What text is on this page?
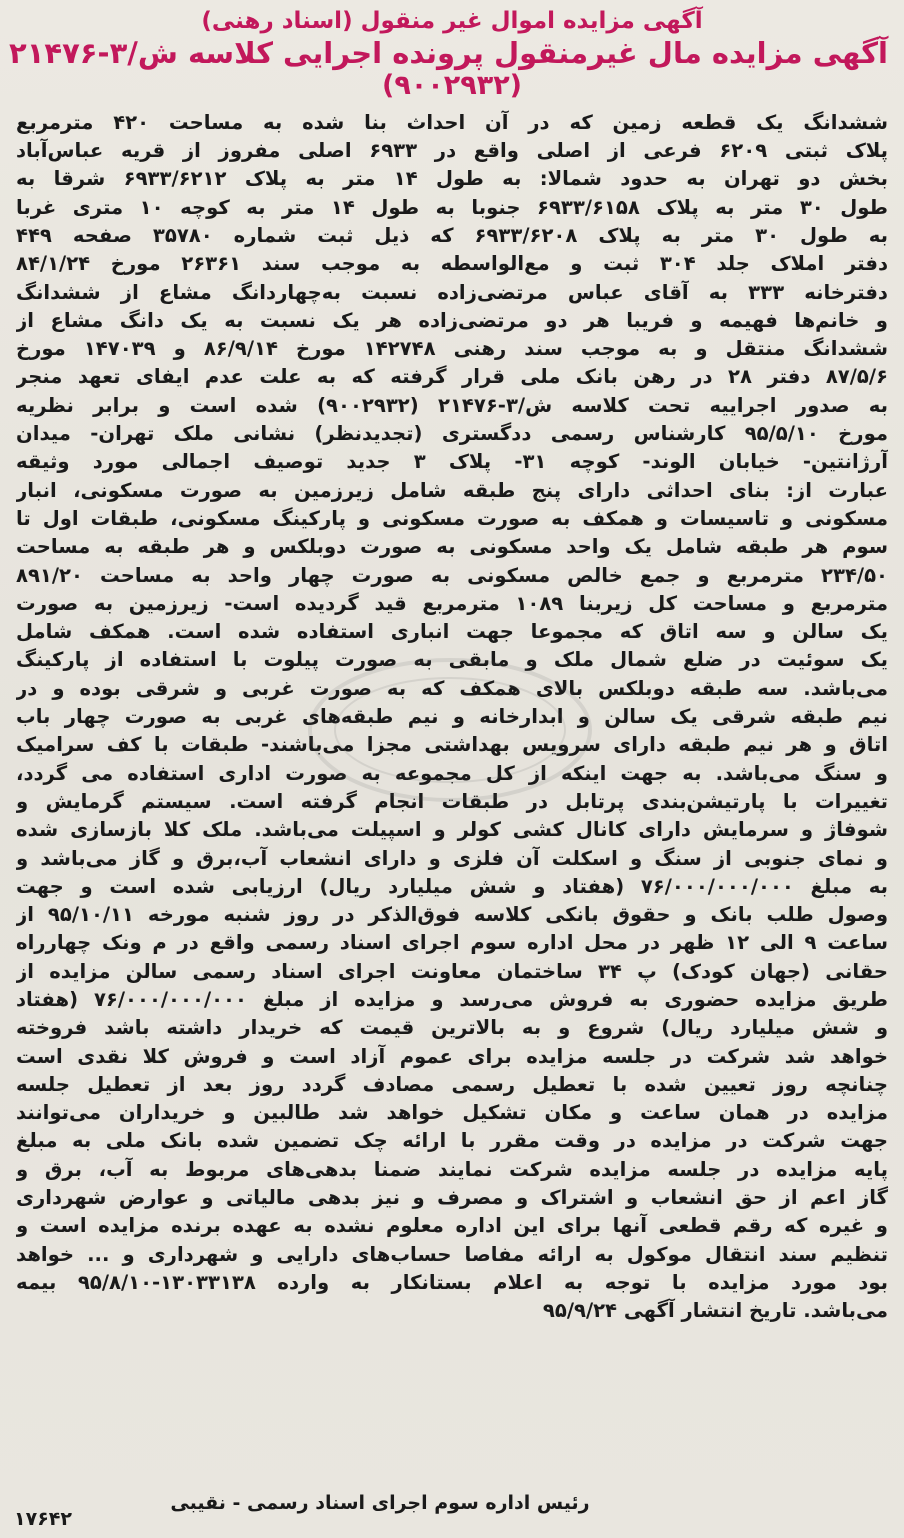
آگهی مزایده اموال غیر منقول (اسناد رهنی)

آگهی مزایده مال غیرمنقول پرونده اجرایی کلاسه ش/۳-۲۱۴۷۶

(۹۰۰۲۹۳۲)

ششدانگ یک قطعه زمین که در آن احداث بنا شده به مساحت ۴۲۰ مترمربع

پلاک ثبتی ۶۲۰۹ فرعی از اصلی واقع در ۶۹۳۳ اصلی مفروز از قریه عباس‌آباد

بخش دو تهران به حدود شمالا: به طول ۱۴ متر به پلاک ۶۹۳۳/۶۲۱۲ شرقا به

طول ۳۰ متر به پلاک ۶۹۳۳/۶۱۵۸ جنوبا به طول ۱۴ متر به کوچه ۱۰ متری غربا

به طول ۳۰ متر به پلاک ۶۹۳۳/۶۲۰۸ که ذیل ثبت شماره ۳۵۷۸۰ صفحه ۴۴۹

دفتر املاک جلد ۳۰۴ ثبت و مع‌الواسطه به موجب سند ۲۶۳۶۱ مورخ ۸۴/۱/۲۴

دفترخانه ۳۳۳ به آقای عباس مرتضی‌زاده نسبت به‌چهاردانگ مشاع از ششدانگ

و خانم‌ها فهیمه و فریبا هر دو مرتضی‌زاده هر یک نسبت به یک دانگ مشاع از

ششدانگ منتقل و به موجب سند رهنی ۱۴۲۷۴۸ مورخ ۸۶/۹/۱۴ و ۱۴۷۰۳۹ مورخ

۸۷/۵/۶ دفتر ۲۸ در رهن بانک ملی قرار گرفته که به علت عدم ایفای تعهد منجر

به صدور اجراییه تحت کلاسه ش/۳-۲۱۴۷۶ (۹۰۰۲۹۳۲) شده است و برابر نظریه

مورخ ۹۵/۵/۱۰ کارشناس رسمی ددگستری (تجدیدنظر) نشانی ملک تهران- میدان

آرژانتین- خیابان الوند- کوچه ۳۱- پلاک ۳ جدید توصیف اجمالی مورد وثیقه

عبارت از: بنای احداثی دارای پنج طبقه شامل زیرزمین به صورت مسکونی، انبار

مسکونی و تاسیسات و همکف به صورت مسکونی و پارکینگ مسکونی، طبقات اول تا

سوم هر طبقه شامل یک واحد مسکونی به صورت دوبلکس و هر طبقه به مساحت

۲۳۴/۵۰ مترمربع و جمع خالص مسکونی به صورت چهار واحد به مساحت ۸۹۱/۲۰

مترمربع و مساحت کل زیربنا ۱۰۸۹ مترمربع قید گردیده است- زیرزمین به صورت

یک سالن و سه اتاق که مجموعا جهت انباری استفاده شده است. همکف شامل

یک سوئیت در ضلع شمال ملک و مابقی به صورت پیلوت با استفاده از پارکینگ

می‌باشد. سه طبقه دوبلکس بالای همکف که به صورت غربی و شرقی بوده و در

نیم طبقه شرقی یک سالن و ابدارخانه و نیم طبقه‌های غربی به صورت چهار باب

اتاق و هر نیم طبقه دارای سرویس بهداشتی مجزا می‌باشند- طبقات با کف سرامیک

و سنگ می‌باشد. به جهت اینکه از کل مجموعه به صورت اداری استفاده می گردد،

تغییرات با پارتیشن‌بندی پرتابل در طبقات انجام گرفته است. سیستم گرمایش و

شوفاژ و سرمایش دارای کانال کشی کولر و اسپیلت می‌باشد. ملک کلا بازسازی شده

و نمای جنوبی از سنگ و اسکلت آن فلزی و دارای انشعاب آب،برق و گاز می‌باشد و

به مبلغ ۷۶/۰۰۰/۰۰۰/۰۰۰ (هفتاد و شش میلیارد ریال) ارزیابی شده است و جهت

وصول طلب بانک و حقوق بانکی کلاسه فوق‌الذکر در روز شنبه مورخه ۹۵/۱۰/۱۱ از

ساعت ۹ الی ۱۲ ظهر در محل اداره سوم اجرای اسناد رسمی واقع در م ونک چهارراه

حقانی (جهان کودک) پ ۳۴ ساختمان معاونت اجرای اسناد رسمی سالن مزایده از

طریق مزایده حضوری به فروش می‌رسد و مزایده از مبلغ ۷۶/۰۰۰/۰۰۰/۰۰۰ (هفتاد

و شش میلیارد ریال) شروع و به بالاترین قیمت که خریدار داشته باشد فروخته

خواهد شد شرکت در جلسه مزایده برای عموم آزاد است و فروش کلا نقدی است

چنانچه روز تعیین شده با تعطیل رسمی مصادف گردد روز بعد از تعطیل جلسه

مزایده در همان ساعت و مکان تشکیل خواهد شد طالبین و خریداران می‌توانند

جهت شرکت در مزایده در وقت مقرر با ارائه چک تضمین شده بانک ملی به مبلغ

پایه مزایده در جلسه مزایده شرکت نمایند ضمنا بدهی‌های مربوط به آب، برق و

گاز اعم از حق انشعاب و اشتراک و مصرف و نیز بدهی مالیاتی و عوارض شهرداری

و غیره که رقم قطعی آنها برای این اداره معلوم نشده به عهده برنده مزایده است و

تنظیم سند انتقال موکول به ارائه مفاصا حساب‌های دارایی و شهرداری و ... خواهد

بود مورد مزایده با توجه به اعلام بستانکار به وارده ۱۳۰۳۳۱۳۸-۹۵/۸/۱۰ بیمه

می‌باشد. تاریخ انتشار آگهی ۹۵/۹/۲۴

رئیس اداره سوم اجرای اسناد رسمی - نقیبی
۱۷۶۴۲
